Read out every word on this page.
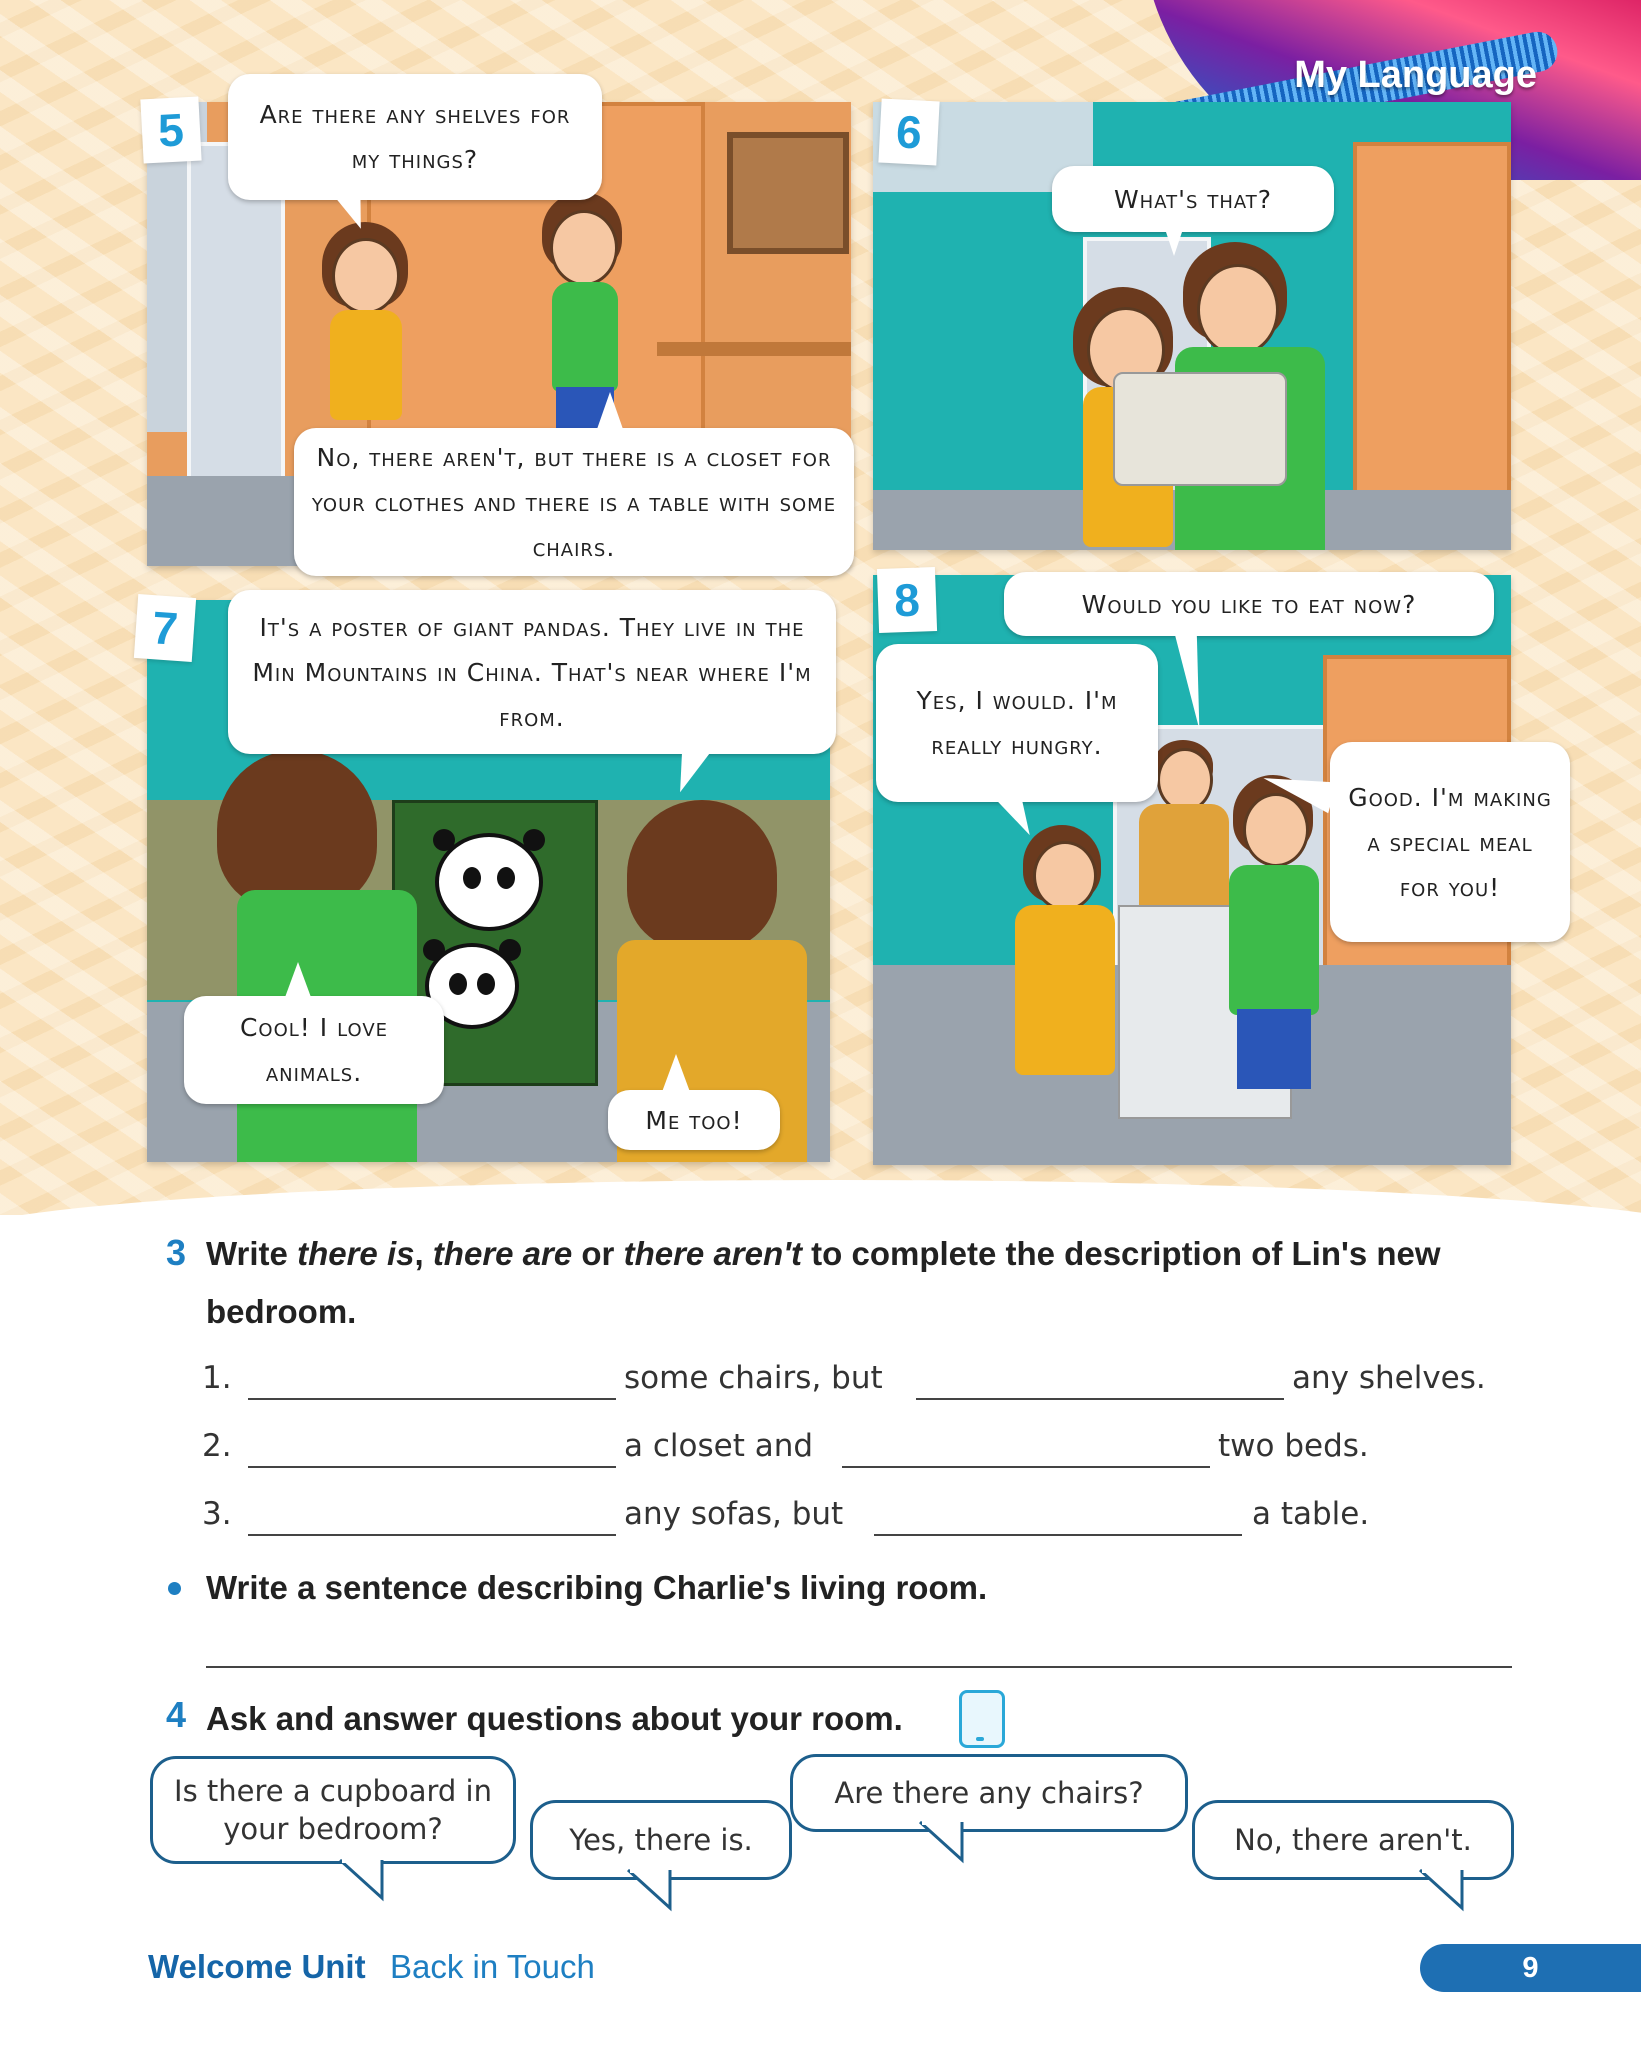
My Language
5	Are there any shelves for my things?
No, there aren't, but there is a closet for your clothes and there is a table with some chairs.
6
What's that?
7	It's a poster of giant pandas. They live in the Min Mountains in China. That's near where I'm from.
Cool! I love animals.
Me too!
8	Would you like to eat now?
Yes, I would. I'm really hungry.
Good. I'm making a special meal for you!
3 Write there is, there are or there aren't to complete the description of Lin's new bedroom.
1.	some chairs, but	any shelves.
2.	a closet and	two beds.
3.	any sofas, but	a table.
Write a sentence describing Charlie's living room.
4 Ask and answer questions about your room.
Is there a cupboard in your bedroom?	Yes, there is.
Are there any chairs?
No, there aren't.
Welcome Unit Back in Touch	9
